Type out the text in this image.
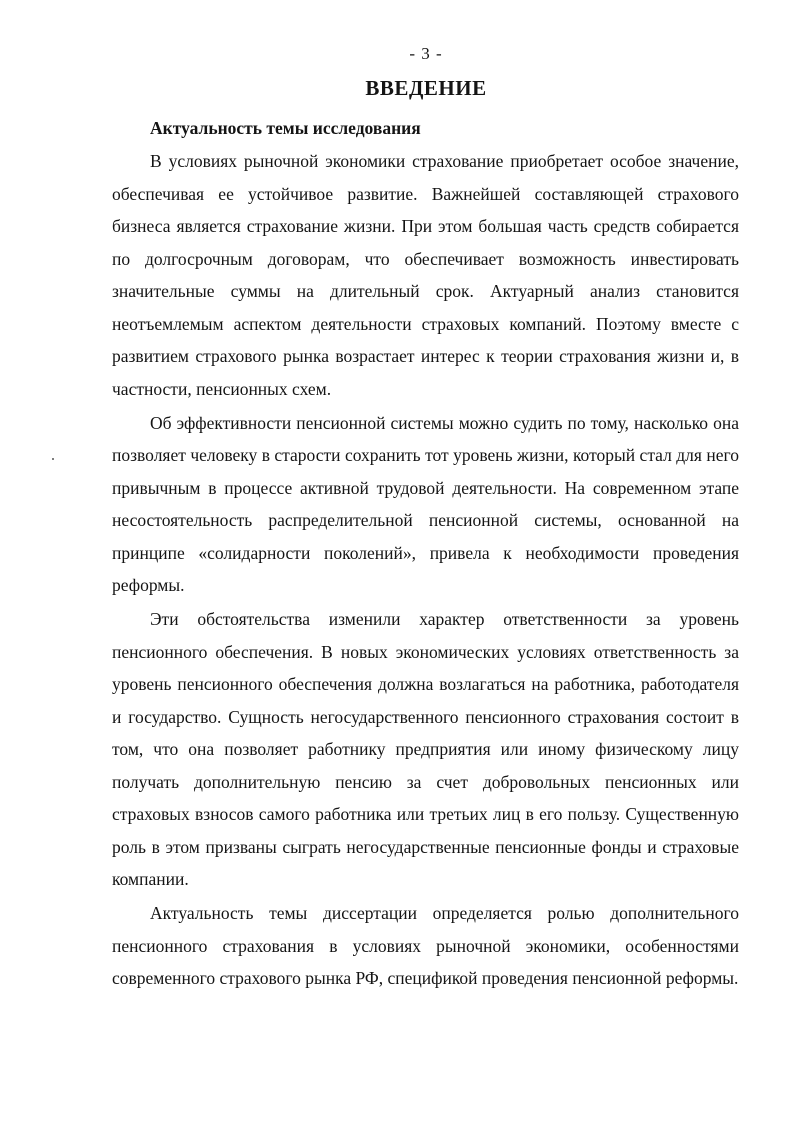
- 3 -
ВВЕДЕНИЕ

Актуальность темы исследования

В условиях рыночной экономики страхование приобретает особое значение, обеспечивая ее устойчивое развитие. Важнейшей составляющей страхового бизнеса является страхование жизни. При этом большая часть средств собирается по долгосрочным договорам, что обеспечивает возможность инвестировать значительные суммы на длительный срок. Актуарный анализ становится неотъемлемым аспектом деятельности страховых компаний. Поэтому вместе с развитием страхового рынка возрастает интерес к теории страхования жизни и, в частности, пенсионных схем.

Об эффективности пенсионной системы можно судить по тому, насколько она позволяет человеку в старости сохранить тот уровень жизни, который стал для него привычным в процессе активной трудовой деятельности. На современном этапе несостоятельность распределительной пенсионной системы, основанной на принципе «солидарности поколений», привела к необходимости проведения реформы.

Эти обстоятельства изменили характер ответственности за уровень пенсионного обеспечения. В новых экономических условиях ответственность за уровень пенсионного обеспечения должна возлагаться на работника, работодателя и государство. Сущность негосударственного пенсионного страхования состоит в том, что она позволяет работнику предприятия или иному физическому лицу получать дополнительную пенсию за счет добровольных пенсионных или страховых взносов самого работника или третьих лиц в его пользу. Существенную роль в этом призваны сыграть негосударственные пенсионные фонды и страховые компании.

Актуальность темы диссертации определяется ролью дополнительного пенсионного страхования в условиях рыночной экономики, особенностями современного страхового рынка РФ, спецификой проведения пенсионной реформы.
